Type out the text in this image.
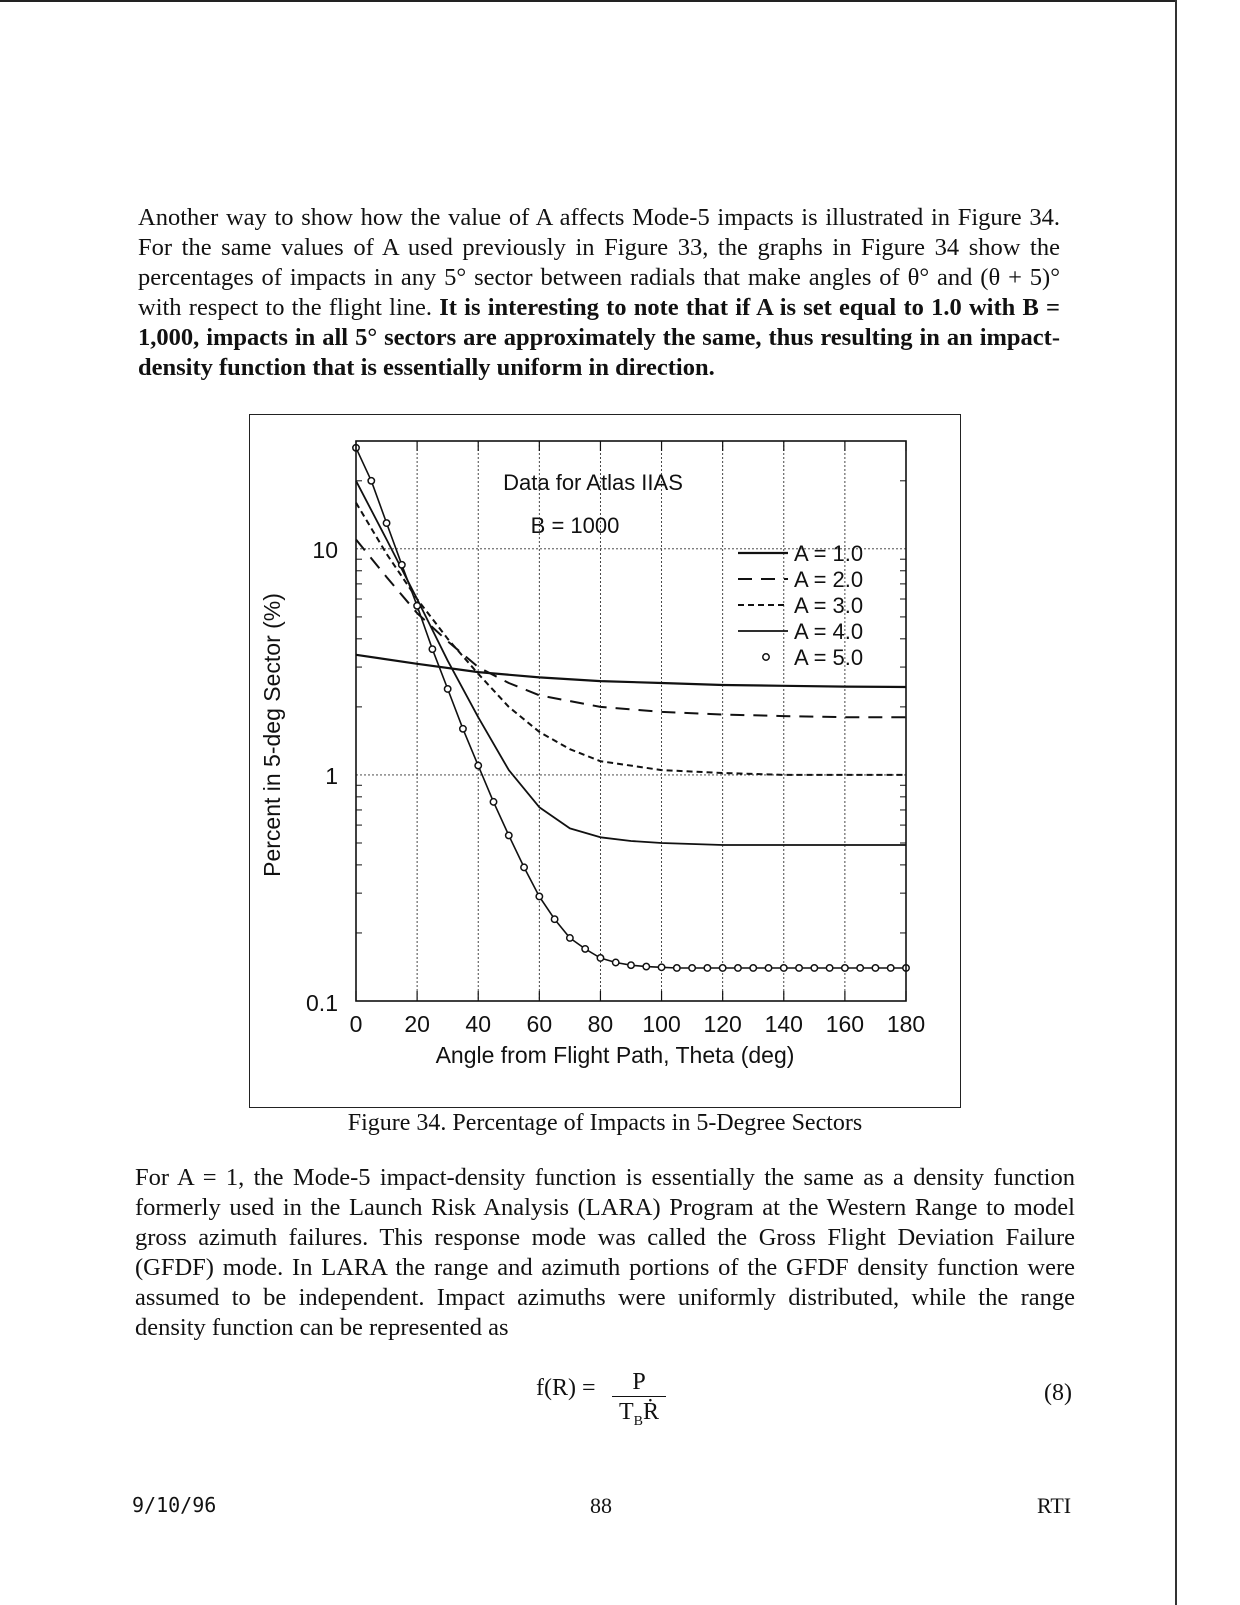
Another way to show how the value of A affects Mode-5 impacts is illustrated in Figure 34. For the same values of A used previously in Figure 33, the graphs in Figure 34 show the percentages of impacts in any 5° sector between radials that make angles of θ° and (θ + 5)° with respect to the flight line. It is interesting to note that if A is set equal to 1.0 with B = 1,000, impacts in all 5° sectors are approximately the same, thus resulting in an impact-density function that is essentially uniform in direction.
0 20 40 60 80 100 120 140 160 180
0.1
1
10	A = 1.0
A = 2.0
A = 3.0
A = 4.0
A = 5.0
Data for Atlas IIAS
B = 1000
Angle from Flight Path, Theta (deg)
Percent in 5-deg Sector (%)
Figure 34. Percentage of Impacts in 5-Degree Sectors
For A = 1, the Mode-5 impact-density function is essentially the same as a density function formerly used in the Launch Risk Analysis (LARA) Program at the Western Range to model gross azimuth failures. This response mode was called the Gross Flight Deviation Failure (GFDF) mode. In LARA the range and azimuth portions of the GFDF density function were assumed to be independent. Impact azimuths were uniformly distributed, while the range density function can be represented as
f(R) =	P
$T_BṘ$
(8)
9/10/96	88	RTI
